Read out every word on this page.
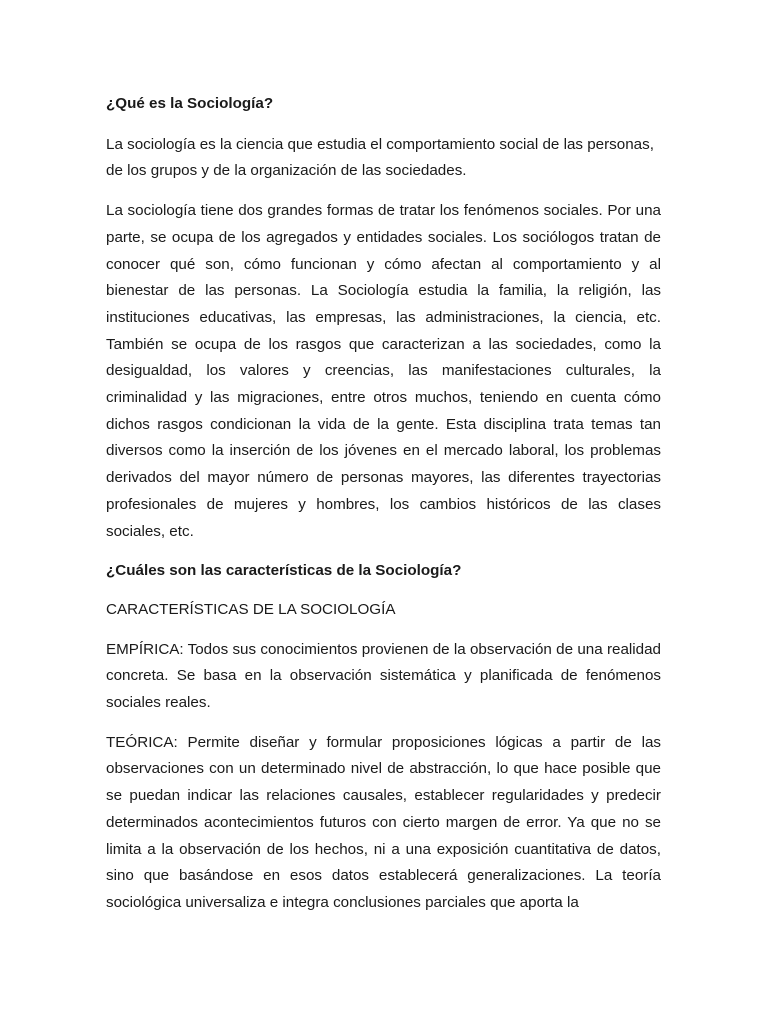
¿Qué es la Sociología?

La sociología es la ciencia que estudia el comportamiento social de las personas, de los grupos y de la organización de las sociedades.

La sociología tiene dos grandes formas de tratar los fenómenos sociales. Por una parte, se ocupa de los agregados y entidades sociales. Los sociólogos tratan de conocer qué son, cómo funcionan y cómo afectan al comportamiento y al bienestar de las personas. La Sociología estudia la familia, la religión, las instituciones educativas, las empresas, las administraciones, la ciencia, etc. También se ocupa de los rasgos que caracterizan a las sociedades, como la desigualdad, los valores y creencias, las manifestaciones culturales, la criminalidad y las migraciones, entre otros muchos, teniendo en cuenta cómo dichos rasgos condicionan la vida de la gente. Esta disciplina trata temas tan diversos como la inserción de los jóvenes en el mercado laboral, los problemas derivados del mayor número de personas mayores, las diferentes trayectorias profesionales de mujeres y hombres, los cambios históricos de las clases sociales, etc.

¿Cuáles son las características de la Sociología?

CARACTERÍSTICAS DE LA SOCIOLOGÍA

EMPÍRICA: Todos sus conocimientos provienen de la observación de una realidad concreta. Se basa en la observación sistemática y planificada de fenómenos sociales reales.

TEÓRICA: Permite diseñar y formular proposiciones lógicas a partir de las observaciones con un determinado nivel de abstracción, lo que hace posible que se puedan indicar las relaciones causales, establecer regularidades y predecir determinados acontecimientos futuros con cierto margen de error. Ya que no se limita a la observación de los hechos, ni a una exposición cuantitativa de datos, sino que basándose en esos datos establecerá generalizaciones. La teoría sociológica universaliza e integra conclusiones parciales que aporta la
